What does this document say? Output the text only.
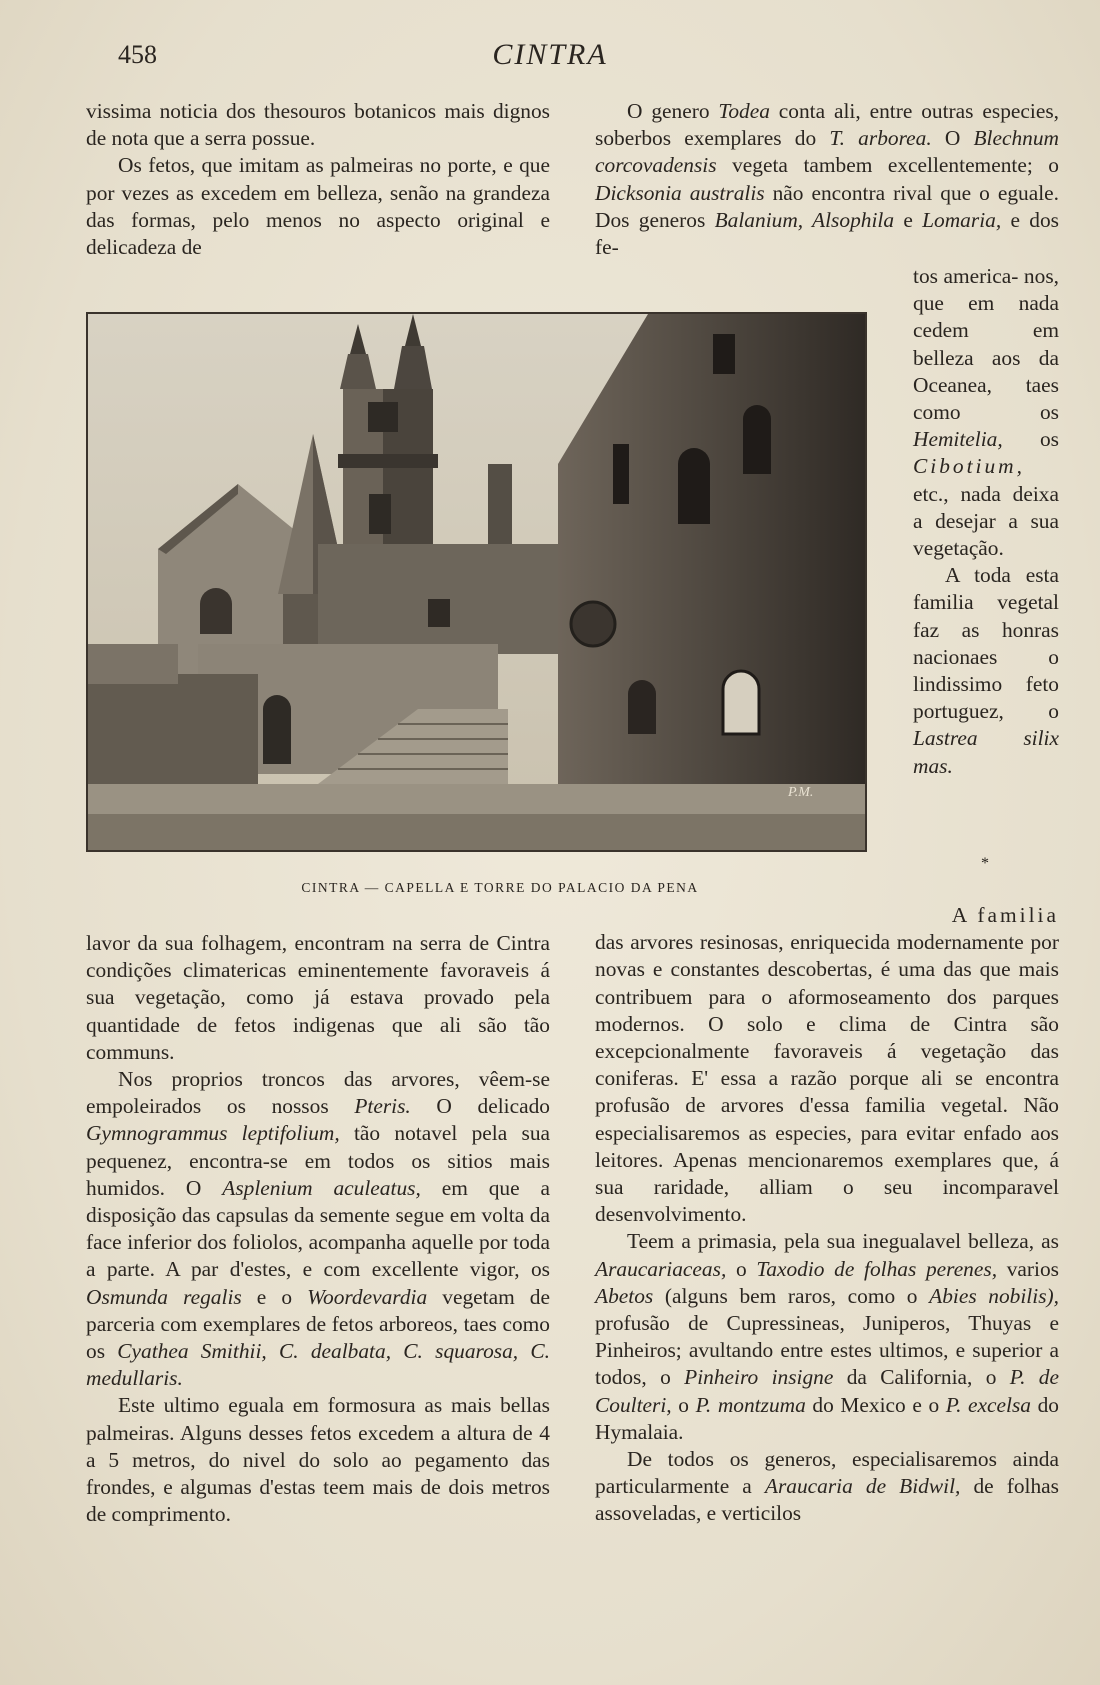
458	CINTRA

vissima noticia dos thesouros botanicos mais dignos de nota que a serra possue.

Os fetos, que imitam as palmeiras no porte, e que por vezes as excedem em belleza, senão na grandeza das formas, pelo menos no aspecto original e delicadeza de

O genero Todea conta ali, entre outras especies, soberbos exemplares do T. arborea. O Blechnum corcovadensis vegeta tambem excellentemente; o Dicksonia australis não encontra rival que o eguale. Dos generos Balanium, Alsophila e Lomaria, e dos fe-

tos america- nos, que em nada cedem em belleza aos da Oceanea, taes como os Hemitelia, os Cibotium, etc., nada deixa a desejar a sua vegetação.

A toda esta familia vegetal faz as honras nacionaes o lindissimo feto portuguez, o Lastrea silix mas.

P.M.
CINTRA — CAPELLA E TORRE DO PALACIO DA PENA
*

lavor da sua folhagem, encontram na serra de Cintra condições climatericas eminentemente favoraveis á sua vegetação, como já estava provado pela quantidade de fetos indigenas que ali são tão communs.

Nos proprios troncos das arvores, vêem-se empoleirados os nossos Pteris. O delicado Gymnogrammus leptifolium, tão notavel pela sua pequenez, encontra-se em todos os sitios mais humidos. O Asplenium aculeatus, em que a disposição das capsulas da semente segue em volta da face inferior dos foliolos, acompanha aquelle por toda a parte. A par d'estes, e com excellente vigor, os Osmunda regalis e o Woordevardia vegetam de parceria com exemplares de fetos arboreos, taes como os Cyathea Smithii, C. dealbata, C. squarosa, C. medullaris.

Este ultimo eguala em formosura as mais bellas palmeiras. Alguns desses fetos excedem a altura de 4 a 5 metros, do nivel do solo ao pegamento das frondes, e algumas d'estas teem mais de dois metros de comprimento.

A familia
das arvores resinosas, enriquecida modernamente por novas e constantes descobertas, é uma das que mais contribuem para o aformoseamento dos parques modernos. O solo e clima de Cintra são excepcionalmente favoraveis á vegetação das coniferas. E' essa a razão porque ali se encontra profusão de arvores d'essa familia vegetal. Não especialisaremos as especies, para evitar enfado aos leitores. Apenas mencionaremos exemplares que, á sua raridade, alliam o seu incomparavel desenvolvimento.

Teem a primasia, pela sua inegualavel belleza, as Araucariaceas, o Taxodio de folhas perenes, varios Abetos (alguns bem raros, como o Abies nobilis), profusão de Cupressineas, Juniperos, Thuyas e Pinheiros; avultando entre estes ultimos, e superior a todos, o Pinheiro insigne da California, o P. de Coulteri, o P. montzuma do Mexico e o P. excelsa do Hymalaia.

De todos os generos, especialisaremos ainda particularmente a Araucaria de Bidwil, de folhas assoveladas, e verticilos
